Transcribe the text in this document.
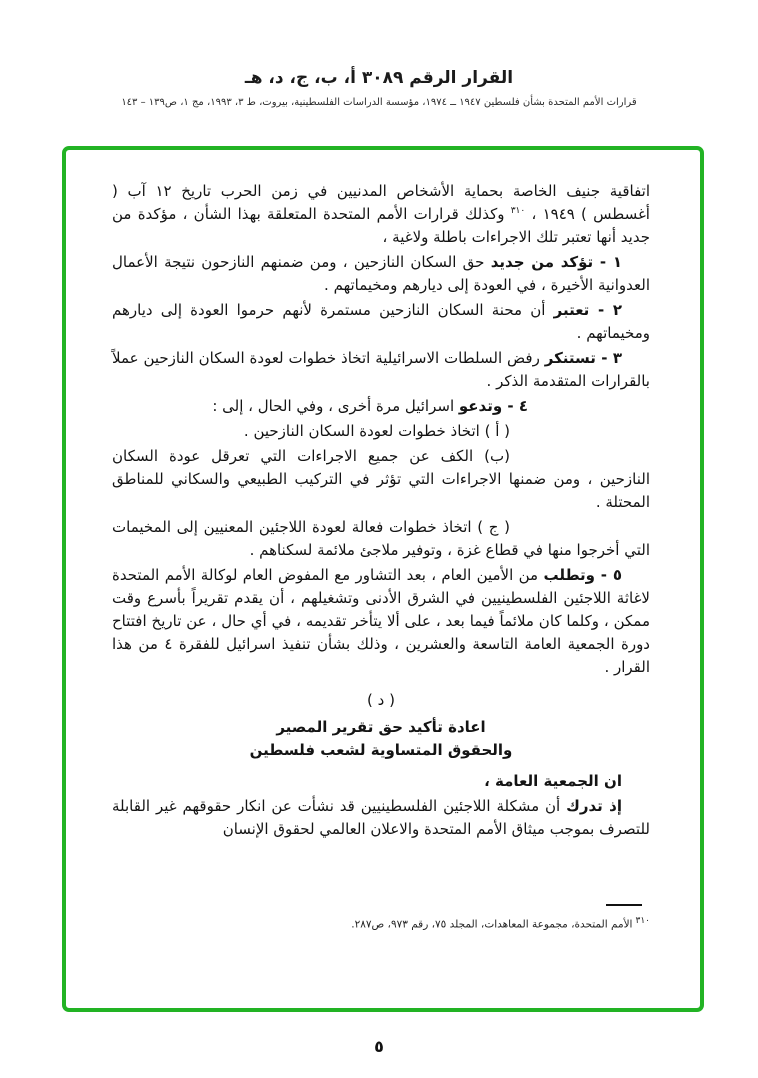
القرار الرقم ٣٠٨٩ أ، ب، ج، د، هـ
قرارات الأمم المتحدة بشأن فلسطين ١٩٤٧ ــ ١٩٧٤، مؤسسة الدراسات الفلسطينية، بيروت، ط ٣، ١٩٩٣، مج ١، ص١٣٩ – ١٤٣

اتفاقية جنيف الخاصة بحماية الأشخاص المدنيين في زمن الحرب تاريخ ١٢ آب ( أغسطس ) ١٩٤٩ ، $^{٣١٠}$ وكذلك قرارات الأمم المتحدة المتعلقة بهذا الشأن ، مؤكدة من جديد أنها تعتبر تلك الاجراءات باطلة ولاغية ،

١ - تؤكد من جديد حق السكان النازحين ، ومن ضمنهم النازحون نتيجة الأعمال العدوانية الأخيرة ، في العودة إلى ديارهم ومخيماتهم .

٢ - تعتبر أن محنة السكان النازحين مستمرة لأنهم حرموا العودة إلى ديارهم ومخيماتهم .

٣ - تستنكر رفض السلطات الاسرائيلية اتخاذ خطوات لعودة السكان النازحين عملاً بالقرارات المتقدمة الذكر .

٤ - وتدعو اسرائيل مرة أخرى ، وفي الحال ، إلى :

( أ ) اتخاذ خطوات لعودة السكان النازحين .

(ب) الكف عن جميع الاجراءات التي تعرقل عودة السكان النازحين ، ومن ضمنها الاجراءات التي تؤثر في التركيب الطبيعي والسكاني للمناطق المحتلة .

( ج ) اتخاذ خطوات فعالة لعودة اللاجئين المعنيين إلى المخيمات التي أخرجوا منها في قطاع غزة ، وتوفير ملاجئ ملائمة لسكناهم .

٥ - وتطلب من الأمين العام ، بعد التشاور مع المفوض العام لوكالة الأمم المتحدة لاغاثة اللاجئين الفلسطينيين في الشرق الأدنى وتشغيلهم ، أن يقدم تقريراً بأسرع وقت ممكن ، وكلما كان ملائماً فيما بعد ، على ألا يتأخر تقديمه ، في أي حال ، عن تاريخ افتتاح دورة الجمعية العامة التاسعة والعشرين ، وذلك بشأن تنفيذ اسرائيل للفقرة ٤ من هذا القرار .

( د )

اعادة تأكيد حق تقرير المصير

والحقوق المتساوية لشعب فلسطين

ان الجمعية العامة ،

إذ تدرك أن مشكلة اللاجئين الفلسطينيين قد نشأت عن انكار حقوقهم غير القابلة للتصرف بموجب ميثاق الأمم المتحدة والاعلان العالمي لحقوق الإنسان

٣١٠الأمم المتحدة، مجموعة المعاهدات، المجلد ٧٥، رقم ٩٧٣، ص٢٨٧.
٥
